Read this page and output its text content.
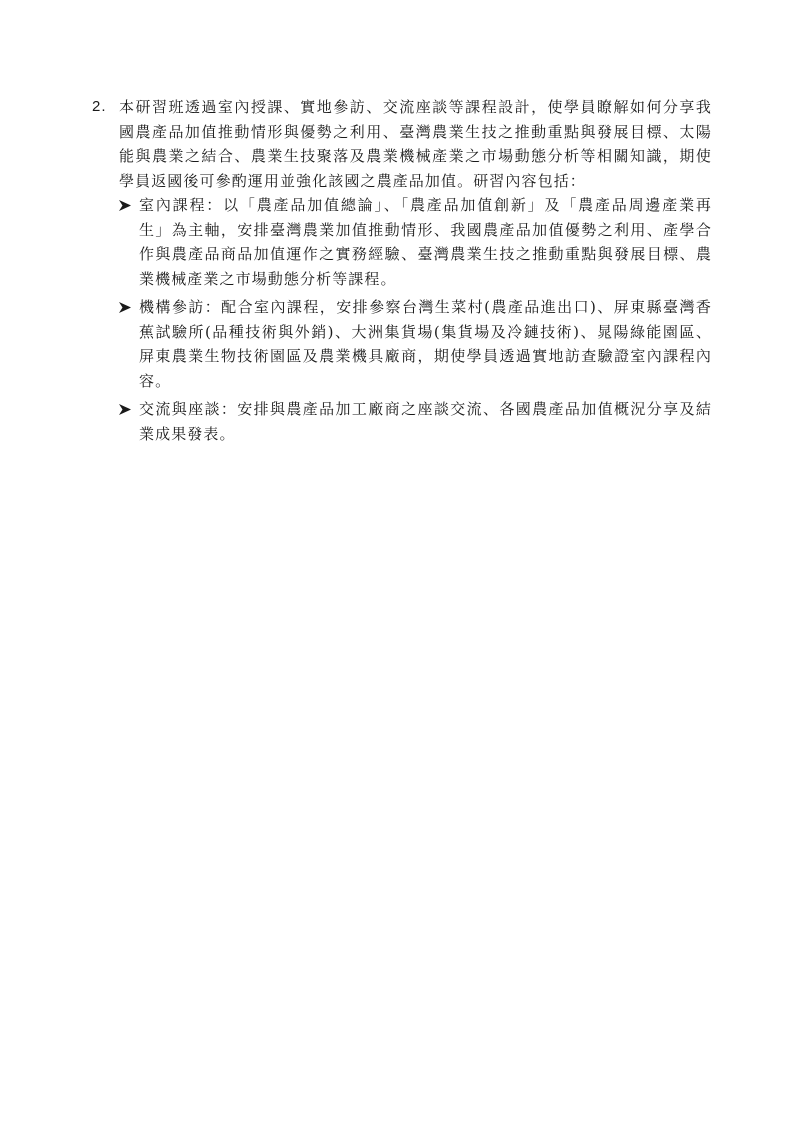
2. 本研習班透過室內授課、實地參訪、交流座談等課程設計，使學員瞭解如何分享我國農產品加值推動情形與優勢之利用、臺灣農業生技之推動重點與發展目標、太陽能與農業之結合、農業生技聚落及農業機械產業之市場動態分析等相關知識，期使學員返國後可參酌運用並強化該國之農產品加值。研習內容包括：
室內課程：以「農產品加值總論」、「農產品加值創新」及「農產品周邊產業再生」為主軸，安排臺灣農業加值推動情形、我國農產品加值優勢之利用、產學合作與農產品商品加值運作之實務經驗、臺灣農業生技之推動重點與發展目標、農業機械產業之市場動態分析等課程。
機構參訪：配合室內課程，安排參察台灣生菜村(農產品進出口)、屏東縣臺灣香蕉試驗所(品種技術與外銷)、大洲集貨場(集貨場及冷鏈技術)、晁陽綠能園區、屏東農業生物技術園區及農業機具廠商，期使學員透過實地訪查驗證室內課程內容。
交流與座談：安排與農產品加工廠商之座談交流、各國農產品加值概況分享及結業成果發表。
